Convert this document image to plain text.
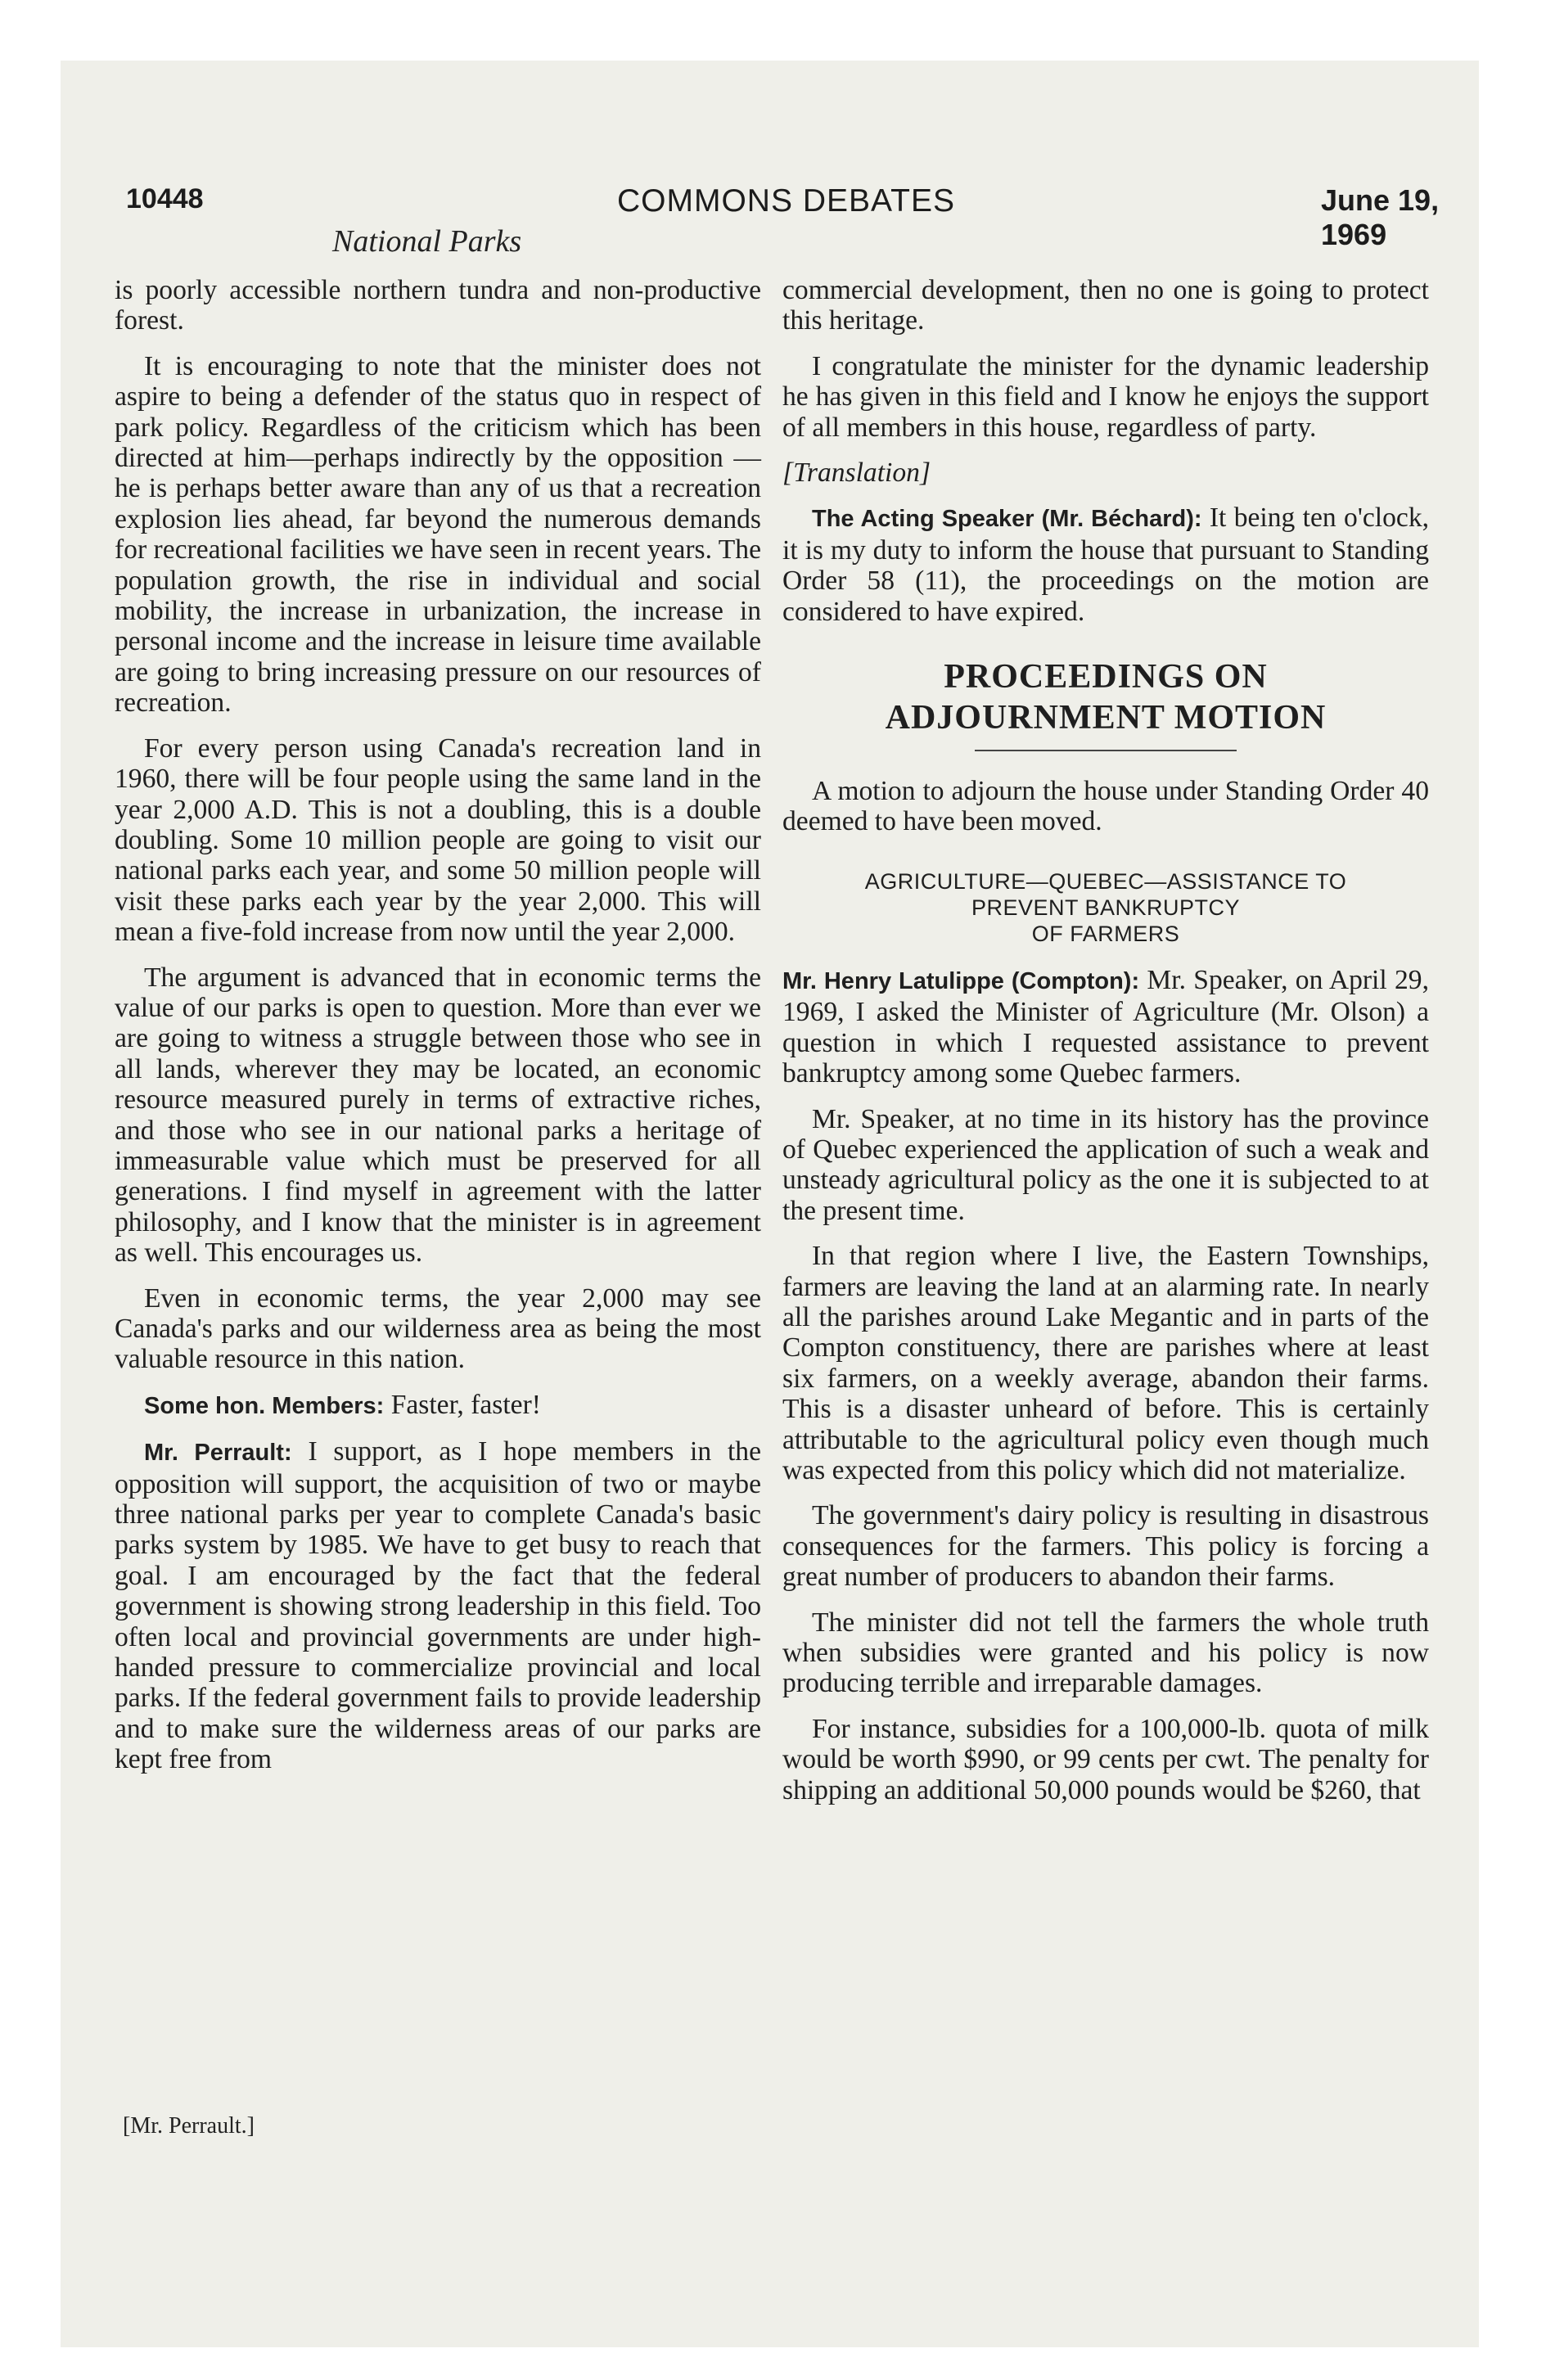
10448	COMMONS DEBATES	June 19, 1969
National Parks

is poorly accessible northern tundra and non-productive forest.

It is encouraging to note that the minister does not aspire to being a defender of the status quo in respect of park policy. Regardless of the criticism which has been directed at him—perhaps indirectly by the opposition —he is perhaps better aware than any of us that a recreation explosion lies ahead, far beyond the numerous demands for recreational facilities we have seen in recent years. The population growth, the rise in individual and social mobility, the increase in urbanization, the increase in personal income and the increase in leisure time available are going to bring increasing pressure on our resources of recreation.

For every person using Canada's recreation land in 1960, there will be four people using the same land in the year 2,000 A.D. This is not a doubling, this is a double doubling. Some 10 million people are going to visit our national parks each year, and some 50 million people will visit these parks each year by the year 2,000. This will mean a five-fold increase from now until the year 2,000.

The argument is advanced that in economic terms the value of our parks is open to question. More than ever we are going to witness a struggle between those who see in all lands, wherever they may be located, an economic resource measured purely in terms of extractive riches, and those who see in our national parks a heritage of immeasurable value which must be preserved for all generations. I find myself in agreement with the latter philosophy, and I know that the minister is in agreement as well. This encourages us.

Even in economic terms, the year 2,000 may see Canada's parks and our wilderness area as being the most valuable resource in this nation.

Some hon. Members: Faster, faster!

Mr. Perrault: I support, as I hope members in the opposition will support, the acquisition of two or maybe three national parks per year to complete Canada's basic parks system by 1985. We have to get busy to reach that goal. I am encouraged by the fact that the federal government is showing strong leadership in this field. Too often local and provincial governments are under high-handed pressure to commercialize provincial and local parks. If the federal government fails to provide leadership and to make sure the wilderness areas of our parks are kept free from

[Mr. Perrault.]

commercial development, then no one is going to protect this heritage.

I congratulate the minister for the dynamic leadership he has given in this field and I know he enjoys the support of all members in this house, regardless of party.

[Translation]

The Acting Speaker (Mr. Béchard): It being ten o'clock, it is my duty to inform the house that pursuant to Standing Order 58 (11), the proceedings on the motion are considered to have expired.

PROCEEDINGS ON
ADJOURNMENT MOTION

A motion to adjourn the house under Standing Order 40 deemed to have been moved.

AGRICULTURE—QUEBEC—ASSISTANCE TO
PREVENT BANKRUPTCY
OF FARMERS

Mr. Henry Latulippe (Compton): Mr. Speaker, on April 29, 1969, I asked the Minister of Agriculture (Mr. Olson) a question in which I requested assistance to prevent bankruptcy among some Quebec farmers.

Mr. Speaker, at no time in its history has the province of Quebec experienced the application of such a weak and unsteady agricultural policy as the one it is subjected to at the present time.

In that region where I live, the Eastern Townships, farmers are leaving the land at an alarming rate. In nearly all the parishes around Lake Megantic and in parts of the Compton constituency, there are parishes where at least six farmers, on a weekly average, abandon their farms. This is a disaster unheard of before. This is certainly attributable to the agricultural policy even though much was expected from this policy which did not materialize.

The government's dairy policy is resulting in disastrous consequences for the farmers. This policy is forcing a great number of producers to abandon their farms.

The minister did not tell the farmers the whole truth when subsidies were granted and his policy is now producing terrible and irreparable damages.

For instance, subsidies for a 100,000-lb. quota of milk would be worth $990, or 99 cents per cwt. The penalty for shipping an additional 50,000 pounds would be $260, that
